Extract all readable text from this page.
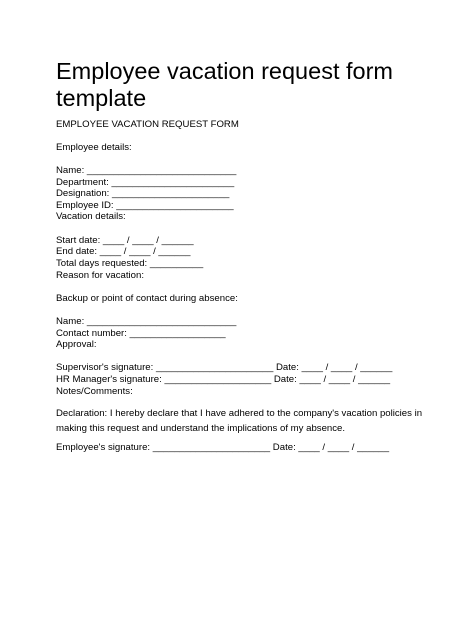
Employee vacation request form template

EMPLOYEE VACATION REQUEST FORM

Employee details:

Name: ____________________________

Department: _______________________

Designation: ______________________

Employee ID: ______________________

Vacation details:

Start date: ____ / ____ / ______

End date: ____ / ____ / ______

Total days requested: __________

Reason for vacation:

Backup or point of contact during absence:

Name: ____________________________

Contact number: __________________

Approval:

Supervisor's signature: ______________________ Date: ____ / ____ / ______

HR Manager's signature: ____________________ Date: ____ / ____ / ______

Notes/Comments:

Declaration: I hereby declare that I have adhered to the company's vacation policies in making this request and understand the implications of my absence.

Employee's signature: ______________________ Date: ____ / ____ / ______
